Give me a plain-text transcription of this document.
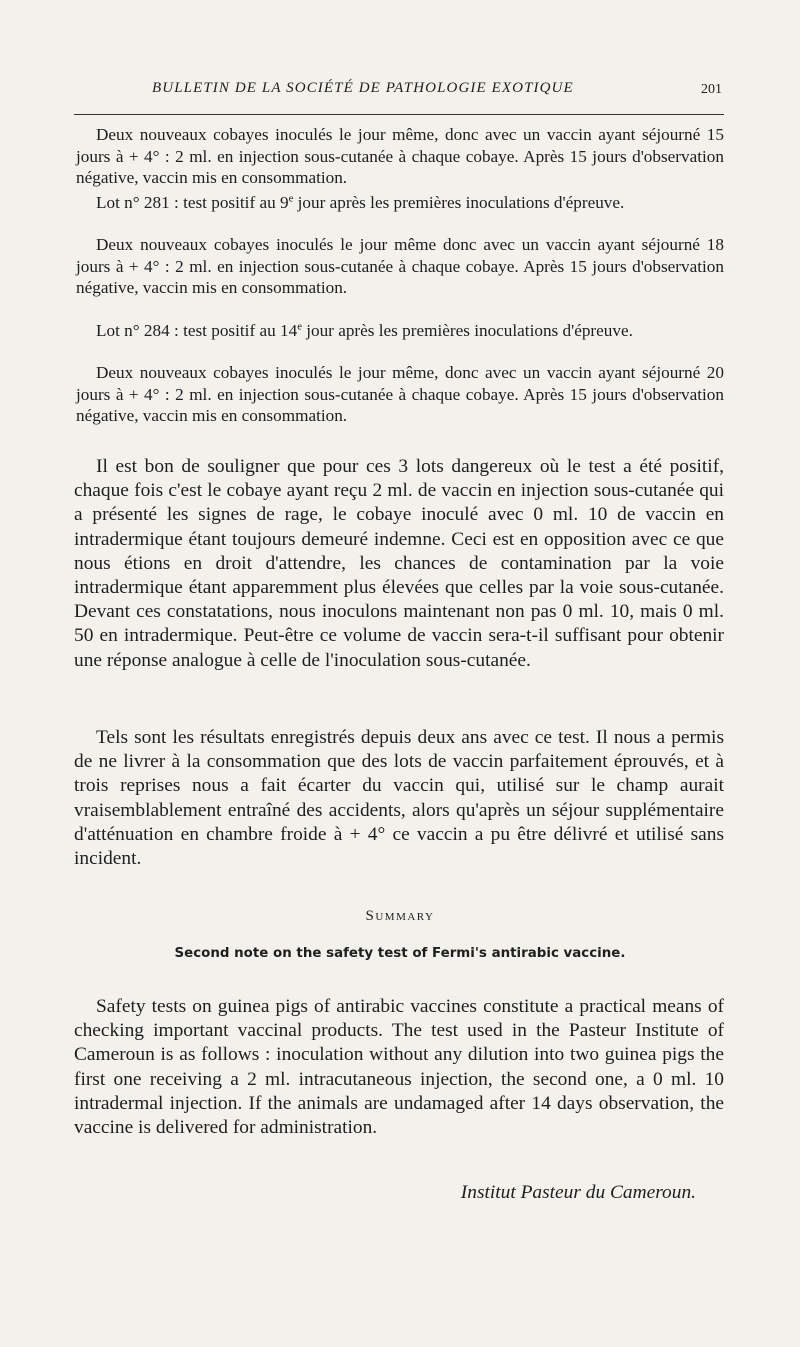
BULLETIN DE LA SOCIÉTÉ DE PATHOLOGIE EXOTIQUE	201

Deux nouveaux cobayes inoculés le jour même, donc avec un vaccin ayant séjourné 15 jours à + 4° : 2 ml. en injection sous-cutanée à chaque cobaye. Après 15 jours d'observation négative, vaccin mis en consommation.

Lot n° 281 : test positif au 9e jour après les premières inoculations d'épreuve.

Deux nouveaux cobayes inoculés le jour même donc avec un vaccin ayant séjourné 18 jours à + 4° : 2 ml. en injection sous-cutanée à chaque cobaye. Après 15 jours d'observation négative, vaccin mis en consommation.

Lot n° 284 : test positif au 14e jour après les premières inoculations d'épreuve.

Deux nouveaux cobayes inoculés le jour même, donc avec un vaccin ayant séjourné 20 jours à + 4° : 2 ml. en injection sous-cutanée à chaque cobaye. Après 15 jours d'observation négative, vaccin mis en consommation.

Il est bon de souligner que pour ces 3 lots dangereux où le test a été positif, chaque fois c'est le cobaye ayant reçu 2 ml. de vaccin en injection sous-cutanée qui a présenté les signes de rage, le cobaye inoculé avec 0 ml. 10 de vaccin en intradermique étant toujours demeuré indemne. Ceci est en opposition avec ce que nous étions en droit d'attendre, les chances de contamination par la voie intradermique étant apparemment plus élevées que celles par la voie sous-cutanée. Devant ces constatations, nous inoculons maintenant non pas 0 ml. 10, mais 0 ml. 50 en intradermique. Peut-être ce volume de vaccin sera-t-il suffisant pour obtenir une réponse analogue à celle de l'inoculation sous-cutanée.

Tels sont les résultats enregistrés depuis deux ans avec ce test. Il nous a permis de ne livrer à la consommation que des lots de vaccin parfaitement éprouvés, et à trois reprises nous a fait écarter du vaccin qui, utilisé sur le champ aurait vraisemblablement entraîné des accidents, alors qu'après un séjour supplémentaire d'atténuation en chambre froide à + 4° ce vaccin a pu être délivré et utilisé sans incident.

Summary
Second note on the safety test of Fermi's antirabic vaccine.

Safety tests on guinea pigs of antirabic vaccines constitute a practical means of checking important vaccinal products. The test used in the Pasteur Institute of Cameroun is as follows : inoculation without any dilution into two guinea pigs the first one receiving a 2 ml. intracutaneous injection, the second one, a 0 ml. 10 intradermal injection. If the animals are undamaged after 14 days observation, the vaccine is delivered for administration.

Institut Pasteur du Cameroun.
